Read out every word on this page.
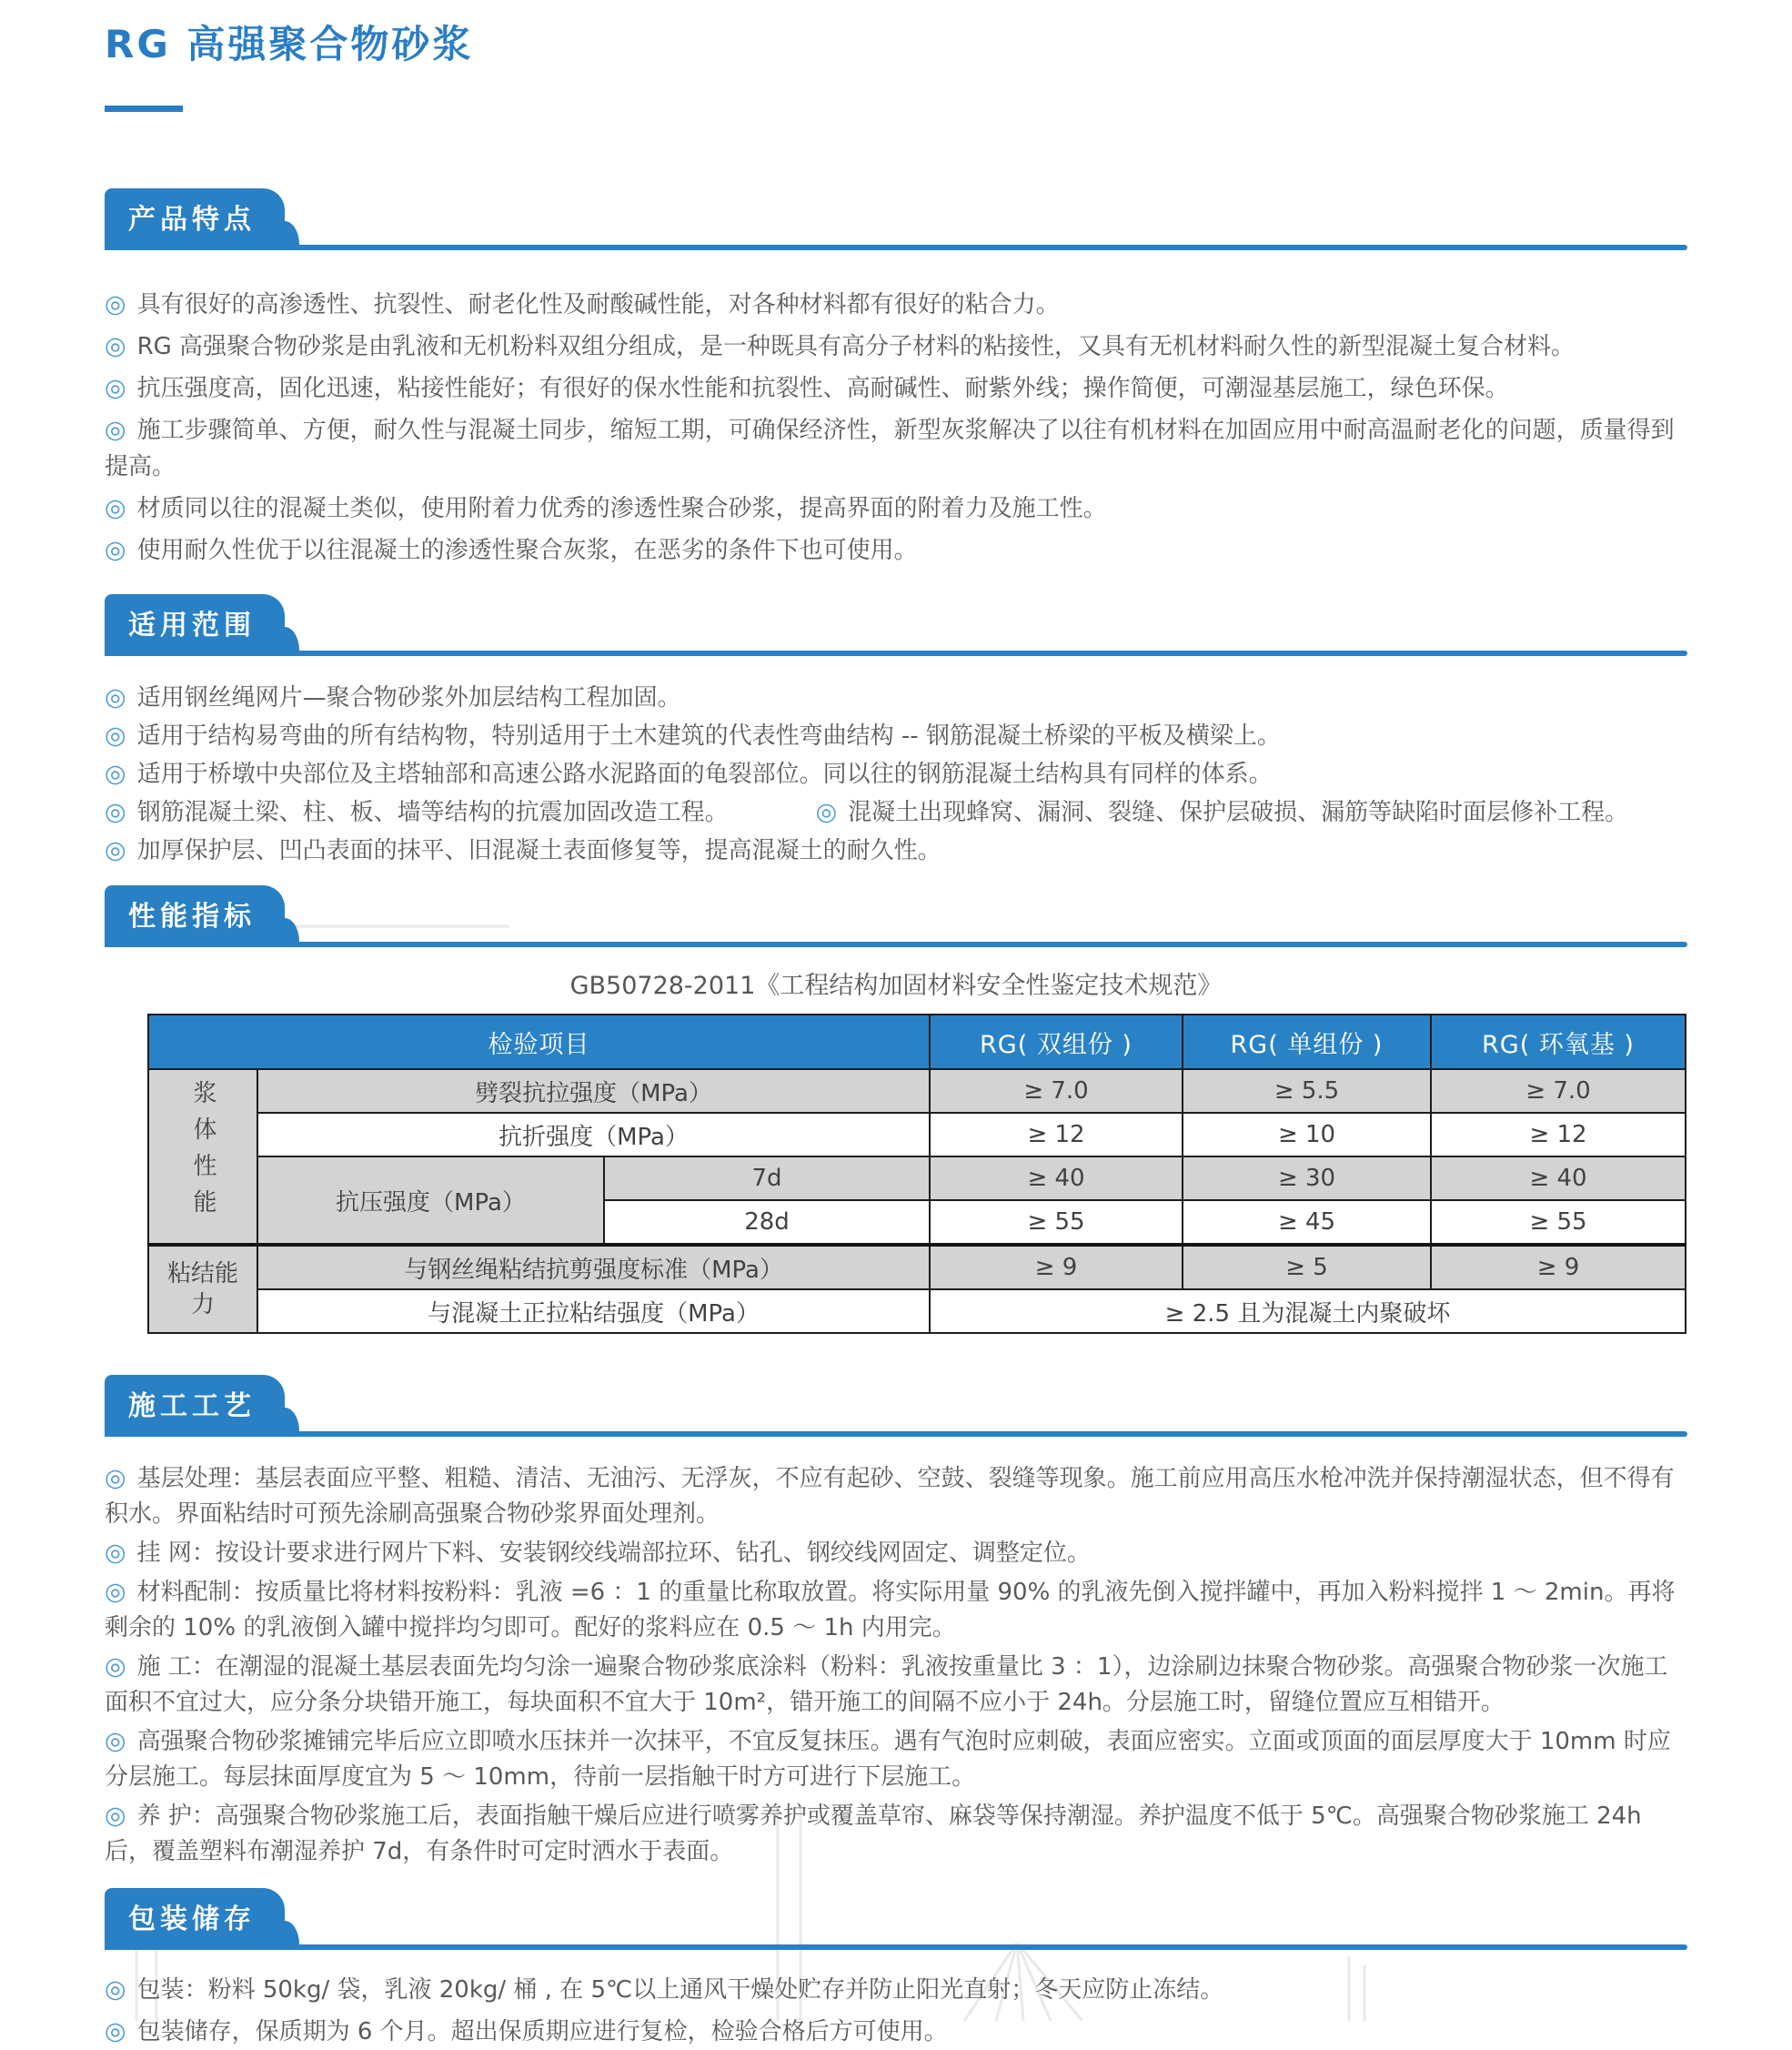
RG 高强聚合物砂浆
产品特点
◎ 具有很好的高渗透性、抗裂性、耐老化性及耐酸碱性能，对各种材料都有很好的粘合力。
◎ RG 高强聚合物砂浆是由乳液和无机粉料双组分组成，是一种既具有高分子材料的粘接性，又具有无机材料耐久性的新型混凝土复合材料。
◎ 抗压强度高，固化迅速，粘接性能好；有很好的保水性能和抗裂性、高耐碱性、耐紫外线；操作简便，可潮湿基层施工，绿色环保。
◎ 施工步骤简单、方便，耐久性与混凝土同步，缩短工期，可确保经济性，新型灰浆解决了以往有机材料在加固应用中耐高温耐老化的问题，质量得到提高。
◎ 材质同以往的混凝土类似，使用附着力优秀的渗透性聚合砂浆，提高界面的附着力及施工性。
◎ 使用耐久性优于以往混凝土的渗透性聚合灰浆，在恶劣的条件下也可使用。
适用范围
◎ 适用钢丝绳网片—聚合物砂浆外加层结构工程加固。
◎ 适用于结构易弯曲的所有结构物，特别适用于土木建筑的代表性弯曲结构 -- 钢筋混凝土桥梁的平板及横梁上。
◎ 适用于桥墩中央部位及主塔轴部和高速公路水泥路面的龟裂部位。同以往的钢筋混凝土结构具有同样的体系。
◎ 钢筋混凝土梁、柱、板、墙等结构的抗震加固改造工程。	◎ 混凝土出现蜂窝、漏洞、裂缝、保护层破损、漏筋等缺陷时面层修补工程。
◎ 加厚保护层、凹凸表面的抹平、旧混凝土表面修复等，提高混凝土的耐久性。
性能指标
GB50728-2011《工程结构加固材料安全性鉴定技术规范》
检验项目			RG( 双组份 )	RG( 单组份 )	RG( 环氧基 )
浆体性能	劈裂抗拉强度（MPa）		≥ 7.0	≥ 5.5	≥ 7.0
	抗折强度（MPa）		≥ 12	≥ 10	≥ 12
	抗压强度（MPa）	7d	≥ 40	≥ 30	≥ 40
		28d	≥ 55	≥ 45	≥ 55
粘结能力	与钢丝绳粘结抗剪强度标准（MPa）		≥ 9	≥ 5	≥ 9
	与混凝土正拉粘结强度（MPa）		≥ 2.5 且为混凝土内聚破坏		
施工工艺
◎ 基层处理：基层表面应平整、粗糙、清洁、无油污、无浮灰，不应有起砂、空鼓、裂缝等现象。施工前应用高压水枪冲洗并保持潮湿状态，但不得有积水。界面粘结时可预先涂刷高强聚合物砂浆界面处理剂。
◎ 挂 网：按设计要求进行网片下料、安装钢绞线端部拉环、钻孔、钢绞线网固定、调整定位。
◎ 材料配制：按质量比将材料按粉料：乳液 =6 ：1 的重量比称取放置。将实际用量 90% 的乳液先倒入搅拌罐中，再加入粉料搅拌 1 ～ 2min。再将剩余的 10% 的乳液倒入罐中搅拌均匀即可。配好的浆料应在 0.5 ～ 1h 内用完。
◎ 施 工：在潮湿的混凝土基层表面先均匀涂一遍聚合物砂浆底涂料（粉料：乳液按重量比 3 ：1），边涂刷边抹聚合物砂浆。高强聚合物砂浆一次施工面积不宜过大，应分条分块错开施工，每块面积不宜大于 10m²，错开施工的间隔不应小于 24h。分层施工时，留缝位置应互相错开。
◎ 高强聚合物砂浆摊铺完毕后应立即喷水压抹并一次抹平，不宜反复抹压。遇有气泡时应刺破，表面应密实。立面或顶面的面层厚度大于 10mm 时应分层施工。每层抹面厚度宜为 5 ～ 10mm，待前一层指触干时方可进行下层施工。
◎ 养 护：高强聚合物砂浆施工后，表面指触干燥后应进行喷雾养护或覆盖草帘、麻袋等保持潮湿。养护温度不低于 5℃。高强聚合物砂浆施工 24h 后，覆盖塑料布潮湿养护 7d，有条件时可定时洒水于表面。
包装储存
◎ 包装：粉料 50kg/ 袋，乳液 20kg/ 桶 , 在 5℃以上通风干燥处贮存并防止阳光直射；冬天应防止冻结。
◎ 包装储存，保质期为 6 个月。超出保质期应进行复检，检验合格后方可使用。
